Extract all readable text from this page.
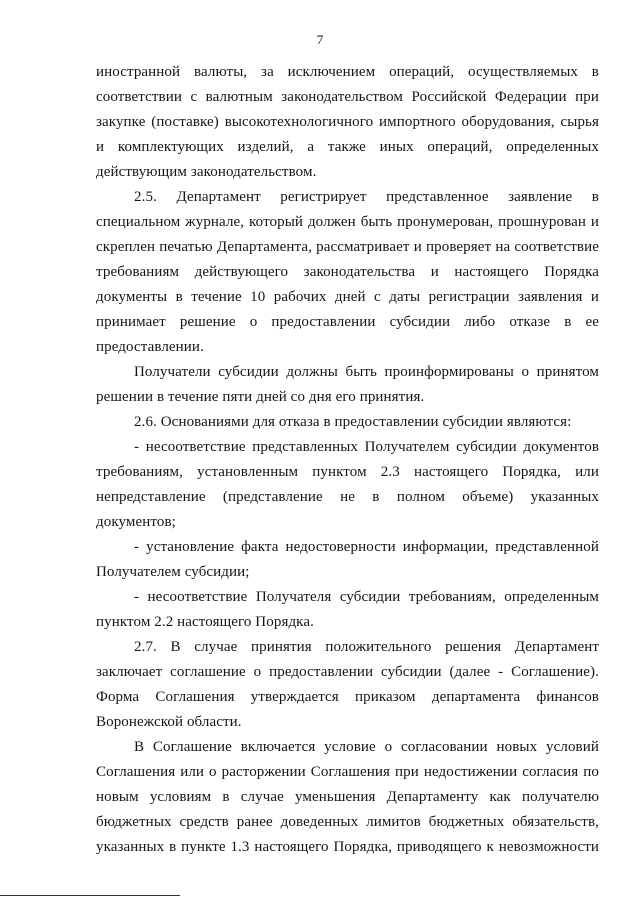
7
иностранной валюты, за исключением операций, осуществляемых в
соответствии с валютным законодательством Российской Федерации при
закупке (поставке) высокотехнологичного импортного оборудования, сырья
и комплектующих изделий, а также иных операций, определенных
действующим законодательством.
2.5. Департамент регистрирует представленное заявление в
специальном журнале, который должен быть пронумерован, прошнурован и
скреплен печатью Департамента, рассматривает и проверяет на соответствие
требованиям действующего законодательства и настоящего Порядка
документы в течение 10 рабочих дней с даты регистрации заявления и
принимает решение о предоставлении субсидии либо отказе в ее
предоставлении.
Получатели субсидии должны быть проинформированы о принятом
решении в течение пяти дней со дня его принятия.
2.6. Основаниями для отказа в предоставлении субсидии являются:
- несоответствие представленных Получателем субсидии документов
требованиям, установленным пунктом 2.3 настоящего Порядка, или
непредставление (представление не в полном объеме) указанных документов;
- установление факта недостоверности информации, представленной
Получателем субсидии;
- несоответствие Получателя субсидии требованиям, определенным
пунктом 2.2 настоящего Порядка.
2.7. В случае принятия положительного решения Департамент
заключает соглашение о предоставлении субсидии (далее - Соглашение).
Форма Соглашения утверждается приказом департамента финансов
Воронежской области.
В Соглашение включается условие о согласовании новых условий
Соглашения или о расторжении Соглашения при недостижении согласия по
новым условиям в случае уменьшения Департаменту как получателю
бюджетных средств ранее доведенных лимитов бюджетных обязательств,
указанных в пункте 1.3 настоящего Порядка, приводящего к невозможности
